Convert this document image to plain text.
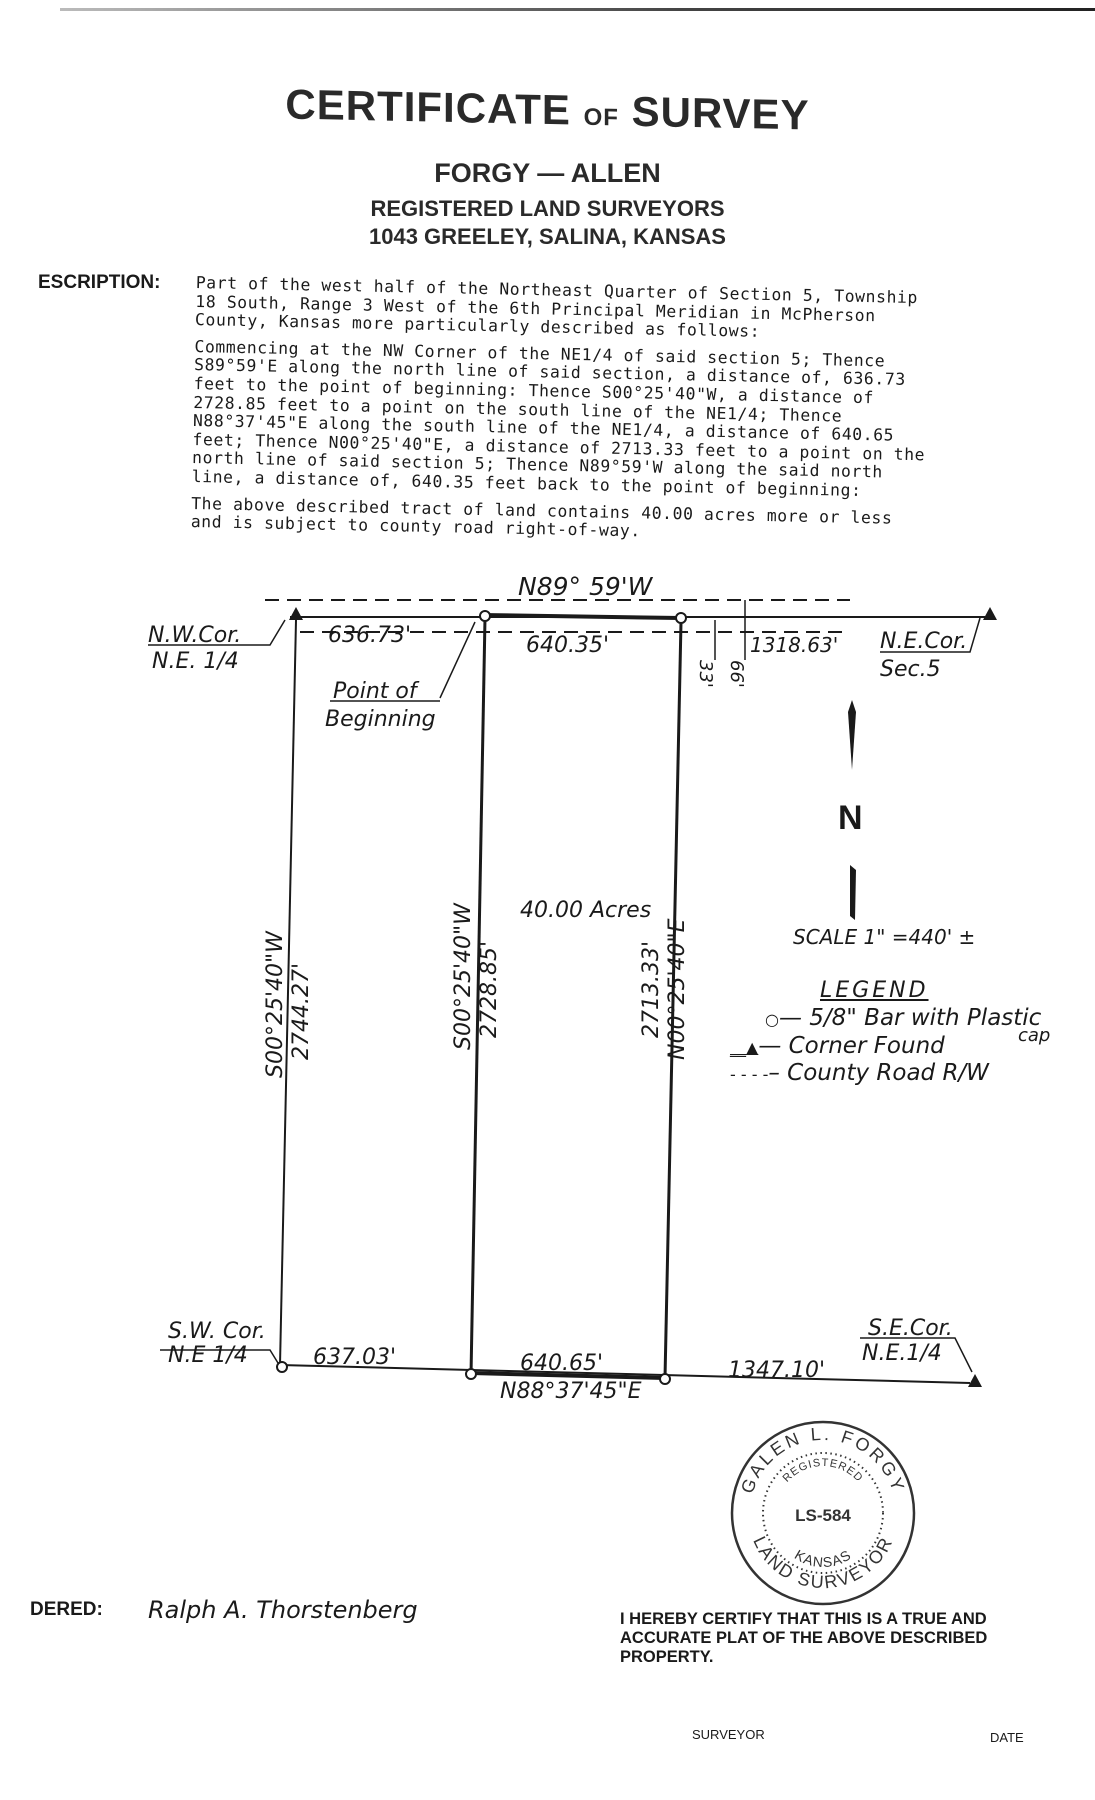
CERTIFICATE OF SURVEY
FORGY — ALLEN
REGISTERED LAND SURVEYORS
1043 GREELEY, SALINA, KANSAS
ESCRIPTION: Part of the west half of the Northeast Quarter of Section 5, Township 18 South, Range 3 West of the 6th Principal Meridian in McPherson County, Kansas more particularly described as follows:

Commencing at the NW Corner of the NE1/4 of said section 5; Thence S89°59'E along the north line of said section, a distance of, 636.73 feet to the point of beginning: Thence S00°25'40"W, a distance of 2728.85 feet to a point on the south line of the NE1/4; Thence N88°37'45"E along the south line of the NE1/4, a distance of 640.65 feet; Thence N00°25'40"E, a distance of 2713.33 feet to a point on the north line of said section 5; Thence N89°59'W along the said north line, a distance of, 640.35 feet back to the point of beginning:

The above described tract of land contains 40.00 acres more or less and is subject to county road right-of-way.

N
N89° 59'W
N.W.Cor.
N.E. 1/4
N.E.Cor.
Sec.5
636.73'	640.35'	1318.63'
Point of
Beginning
40.00 Acres
SCALE 1" =440' ±
S.W. Cor.
N.E 1/4
S.E.Cor.
N.E.1/4
637.03'	640.65'	1347.10'
N88°37'45"E
33' 66'
S00°25'40"W 2744.27'	S00°25'40"W 2728.85'	2713.33' N00°25'40"E	LEGEND
○— 5/8" Bar with Plastic
cap
__▲— Corner Found
- - - -– County Road R/W
GALEN L. FORGY
LAND SURVEYOR
REGISTERED
KANSAS
LS-584
DERED: Ralph A. Thorstenberg	I HEREBY CERTIFY THAT THIS IS A TRUE AND ACCURATE PLAT OF THE ABOVE DESCRIBED PROPERTY.
SURVEYOR	DATE
